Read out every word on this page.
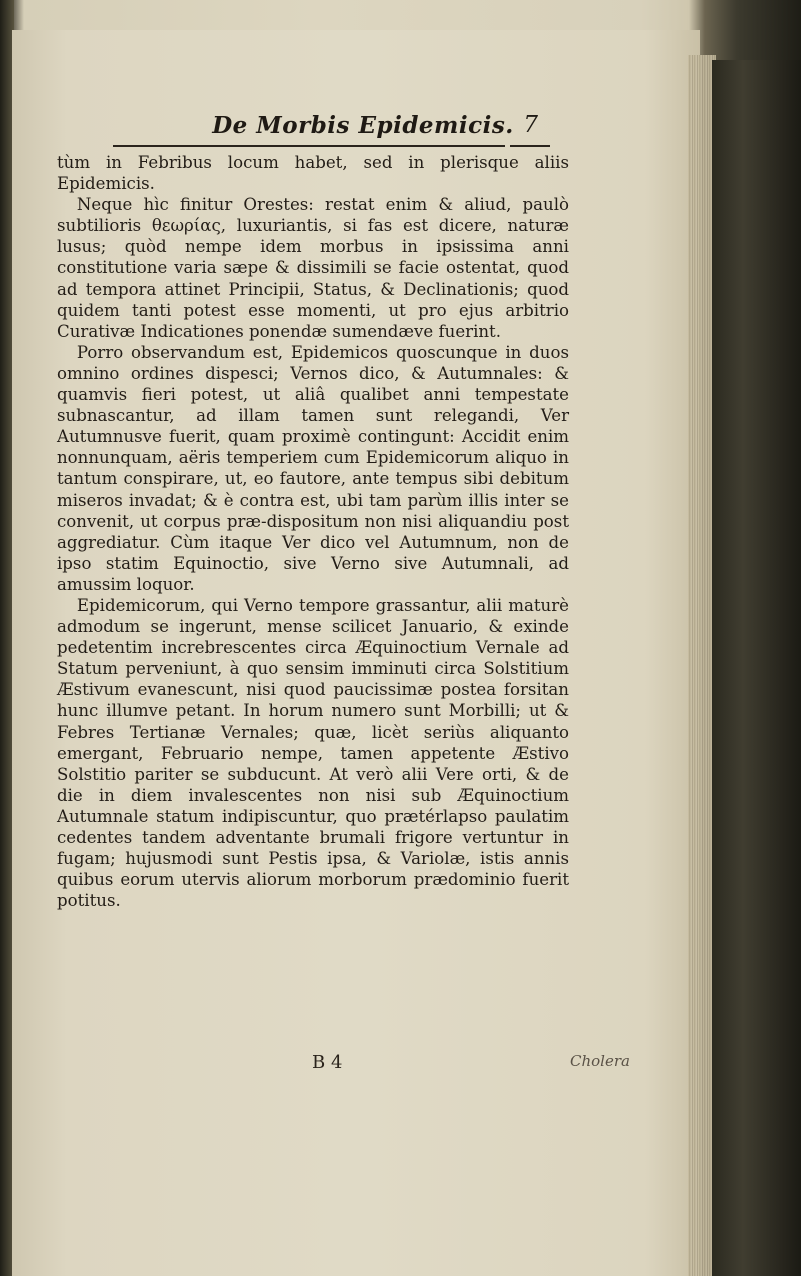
De Morbis Epidemicis. 7

tùm in Febribus locum habet, sed in plerisque aliis Epidemicis.

Neque hìc finitur Orestes: restat enim & aliud, paulò subtilioris θεωρίας, luxuriantis, si fas est dicere, naturæ lusus; quòd nempe idem morbus in ipsissima anni constitutione varia sæpe & dissimili se facie ostentat, quod ad tempora attinet Principii, Status, & Declinationis; quod quidem tanti potest esse momenti, ut pro ejus arbitrio Curativæ Indicationes ponendæ sumendæve fuerint.

Porro observandum est, Epidemicos quoscunque in duos omnino ordines dispesci; Vernos dico, & Autumnales: & quamvis fieri potest, ut aliâ qualibet anni tempestate subnascantur, ad illam tamen sunt relegandi, Ver Autumnusve fuerit, quam proximè contingunt: Accidit enim nonnunquam, aëris temperiem cum Epidemicorum aliquo in tantum conspirare, ut, eo fautore, ante tempus sibi debitum miseros invadat; & è contra est, ubi tam parùm illis inter se convenit, ut corpus præ-dispositum non nisi aliquandiu post aggrediatur. Cùm itaque Ver dico vel Autumnum, non de ipso statim Equinoctio, sive Verno sive Autumnali, ad amussim loquor.

Epidemicorum, qui Verno tempore grassantur, alii maturè admodum se ingerunt, mense scilicet Januario, & exinde pedetentim increbrescentes circa Æquinoctium Vernale ad Statum perveniunt, à quo sensim imminuti circa Solstitium Æstivum evanescunt, nisi quod paucissimæ postea forsitan hunc illumve petant. In horum numero sunt Morbilli; ut & Febres Tertianæ Vernales; quæ, licèt seriùs aliquanto emergant, Februario nempe, tamen appetente Æstivo Solstitio pariter se subducunt. At verò alii Vere orti, & de die in diem invalescentes non nisi sub Æquinoctium Autumnale statum indipiscuntur, quo prætérlapso paulatim cedentes tandem adventante brumali frigore vertuntur in fugam; hujusmodi sunt Pestis ipsa, & Variolæ, istis annis quibus eorum utervis aliorum morborum prædominio fuerit potitus.

B 4	Cholera
